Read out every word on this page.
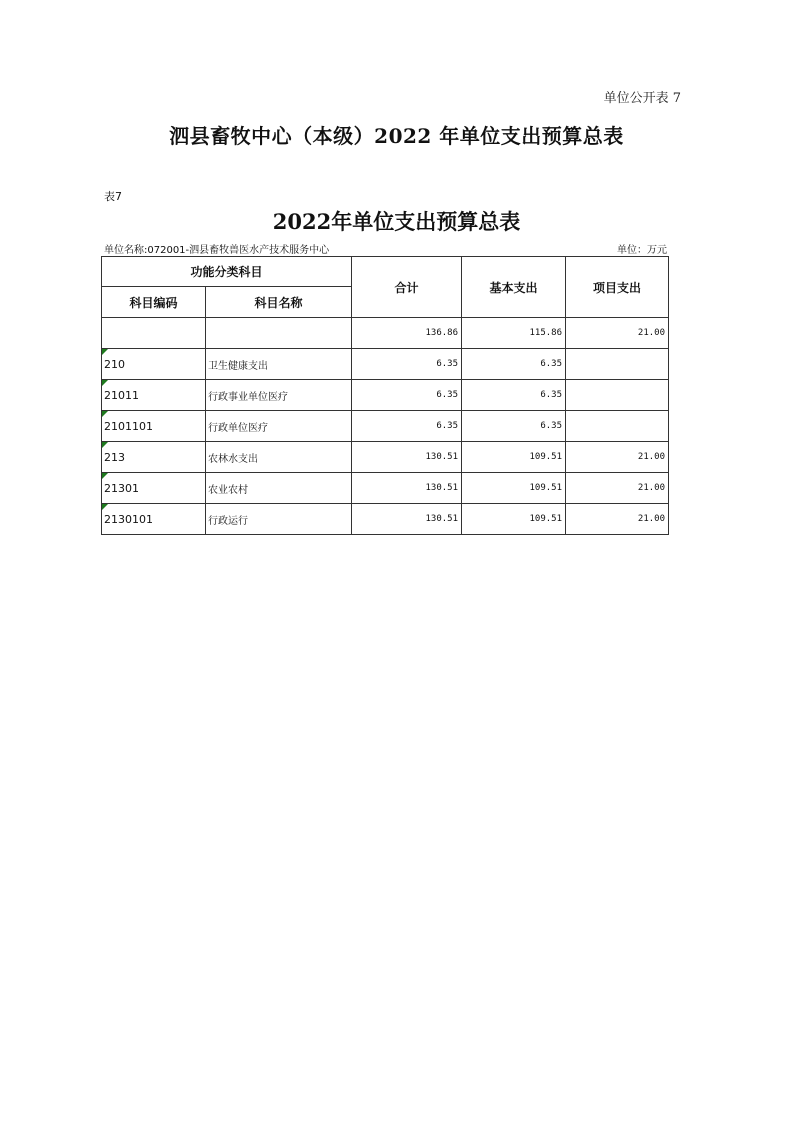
单位公开表 7
泗县畜牧中心（本级）2022 年单位支出预算总表
表7
2022年单位支出预算总表
单位名称:072001-泗县畜牧兽医水产技术服务中心	单位：万元
功能分类科目		合计	基本支出	项目支出
科目编码	科目名称			
		136.86	115.86	21.00

210	卫生健康支出	6.35	6.35	

21011	行政事业单位医疗	6.35	6.35	

2101101	行政单位医疗	6.35	6.35	

213	农林水支出	130.51	109.51	21.00

21301	农业农村	130.51	109.51	21.00

2130101	行政运行	130.51	109.51	21.00
